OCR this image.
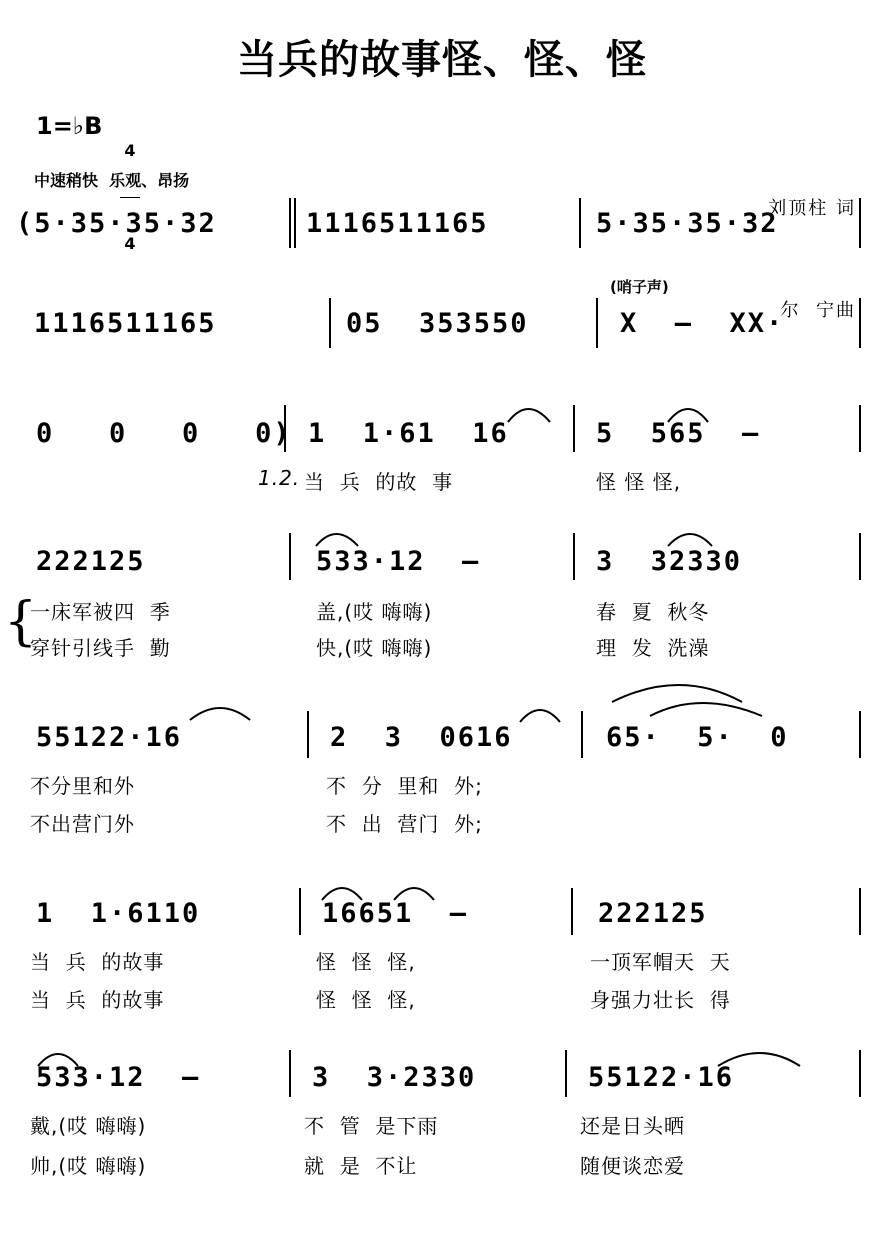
当兵的故事怪、怪、怪
1=♭B

4

4

刘顶柱 词

尔  宁曲

中速稍快  乐观、昂扬
(5·35·35·32	1116511165	5·35·35·32
1116511165	05  353550
(哨子声)
X  –  XX·
0   0   0   0) 1  1·61  16	5  565  –
1.2. 当  兵  的故  事	怪 怪 怪,
222125	533·12  –	3  32330
{
一床军被四  季	盖,(哎 嗨嗨)	春  夏  秋冬
穿针引线手  勤	快,(哎 嗨嗨)	理  发  洗澡
55122·16	2  3  0616	65·  5·  0
不分里和外	不  分  里和  外;
不出营门外	不  出  营门  外;
1  1·6110	16651  –	222125
当  兵  的故事	怪  怪  怪,	一顶军帽天  天
当  兵  的故事	怪  怪  怪,	身强力壮长  得
533·12  –	3  3·2330	55122·16
戴,(哎 嗨嗨)	不  管  是下雨	还是日头晒
帅,(哎 嗨嗨)	就  是  不让	随便谈恋爱
